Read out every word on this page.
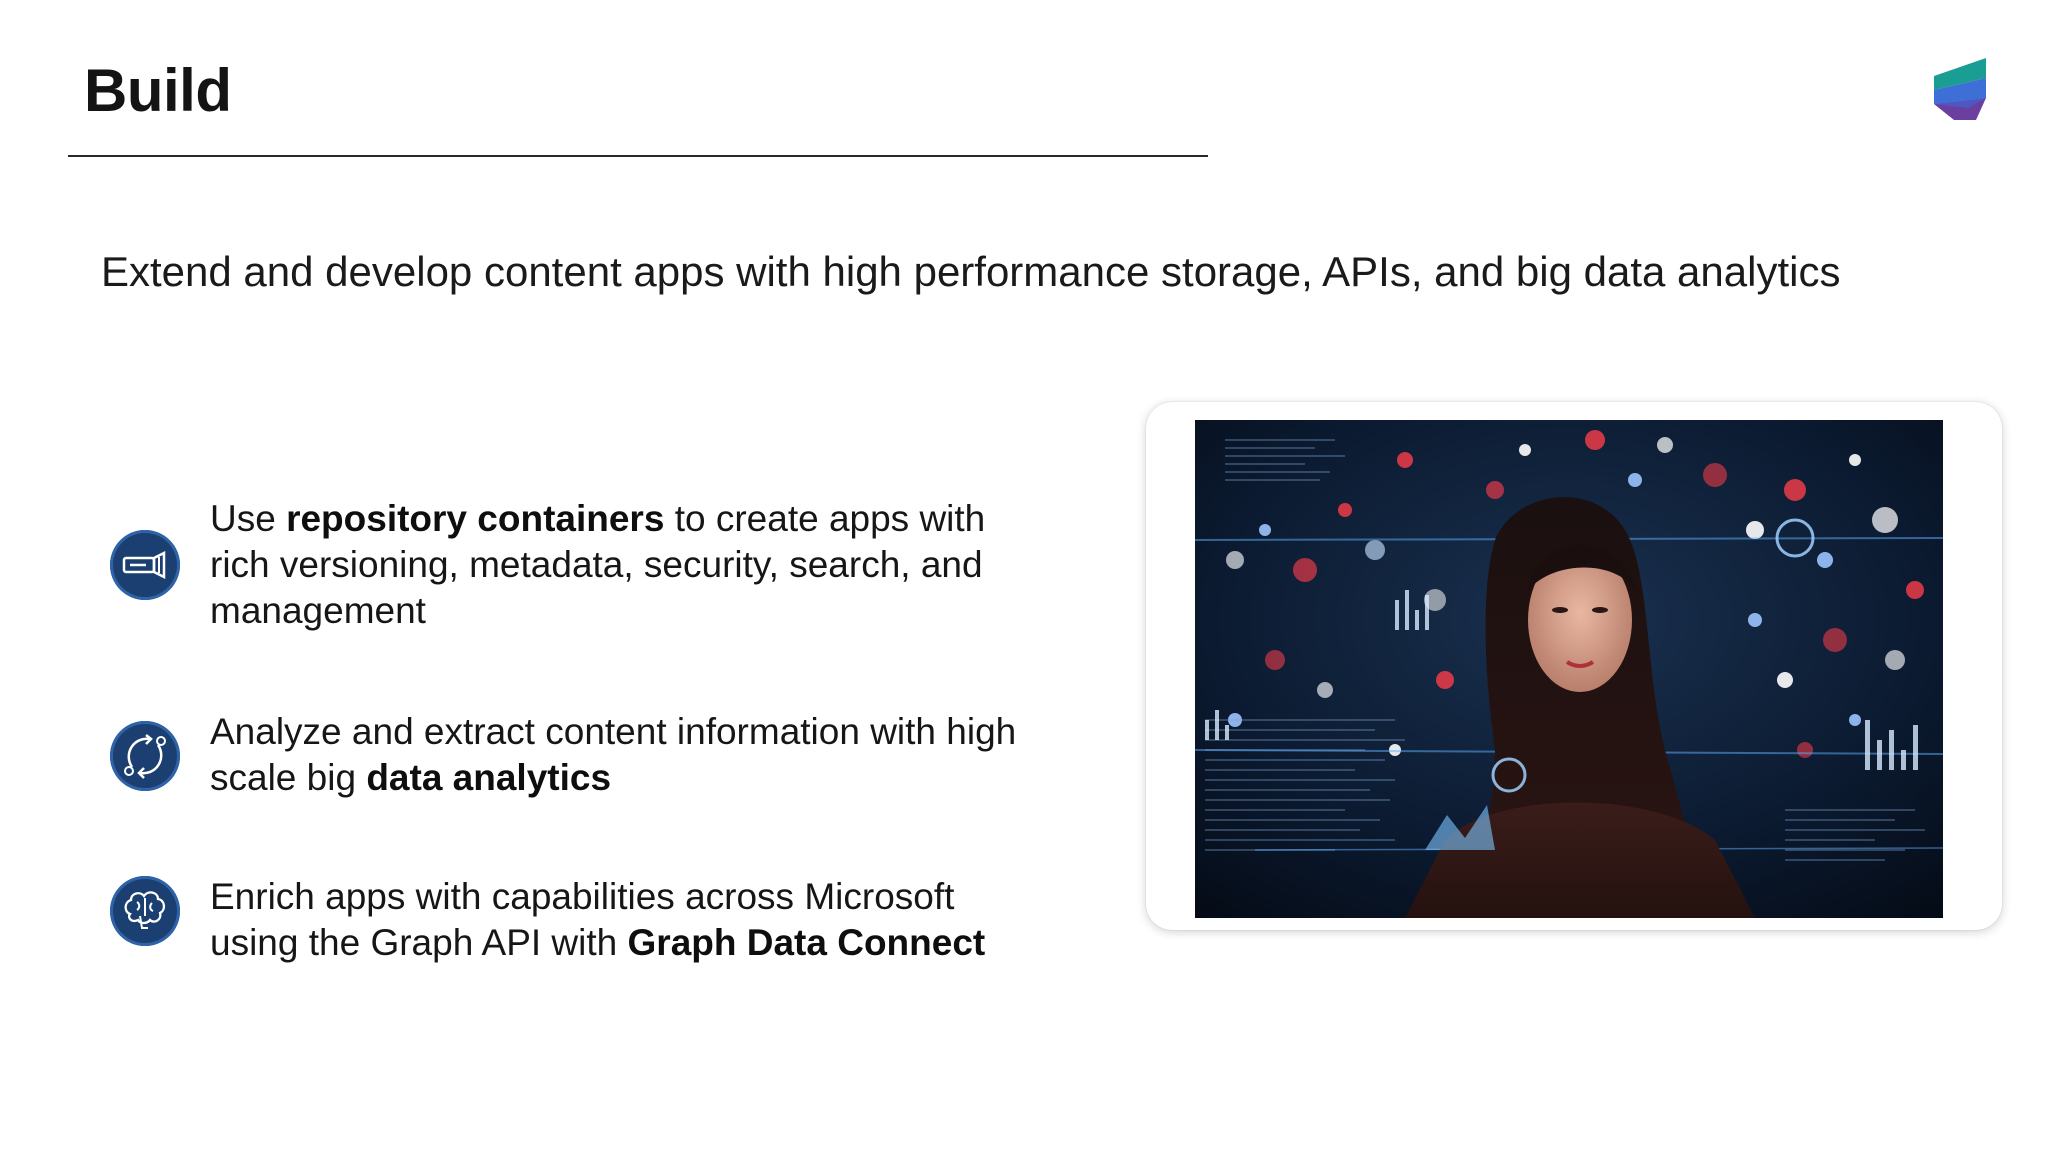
Build
Extend and develop content apps with high performance storage, APIs, and big data analytics
Use repository containers to create apps with
rich versioning, metadata, security, search, and
management
Analyze and extract content information with high
scale big data analytics
Enrich apps with capabilities across Microsoft
using the Graph API with Graph Data Connect
